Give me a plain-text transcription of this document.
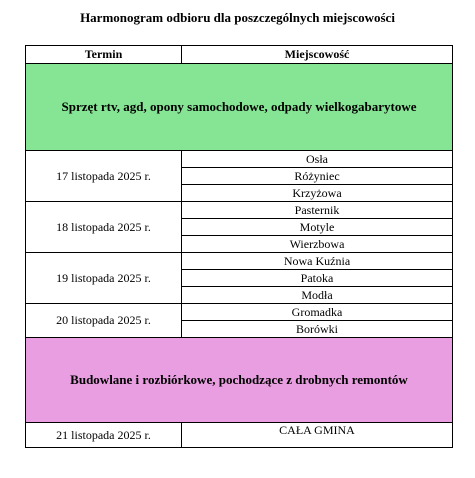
Harmonogram odbioru dla poszczególnych miejscowości
Termin	Miejscowość
Sprzęt rtv, agd, opony samochodowe, odpady wielkogabarytowe	
17 listopada 2025 r.	Osła
	Różyniec
	Krzyżowa
18 listopada 2025 r.	Pasternik
	Motyle
	Wierzbowa
19 listopada 2025 r.	Nowa Kuźnia
	Patoka
	Modła
20 listopada 2025 r.	Gromadka
	Borówki
Budowlane i rozbiórkowe, pochodzące z drobnych remontów	
21 listopada 2025 r.	CAŁA GMINA
